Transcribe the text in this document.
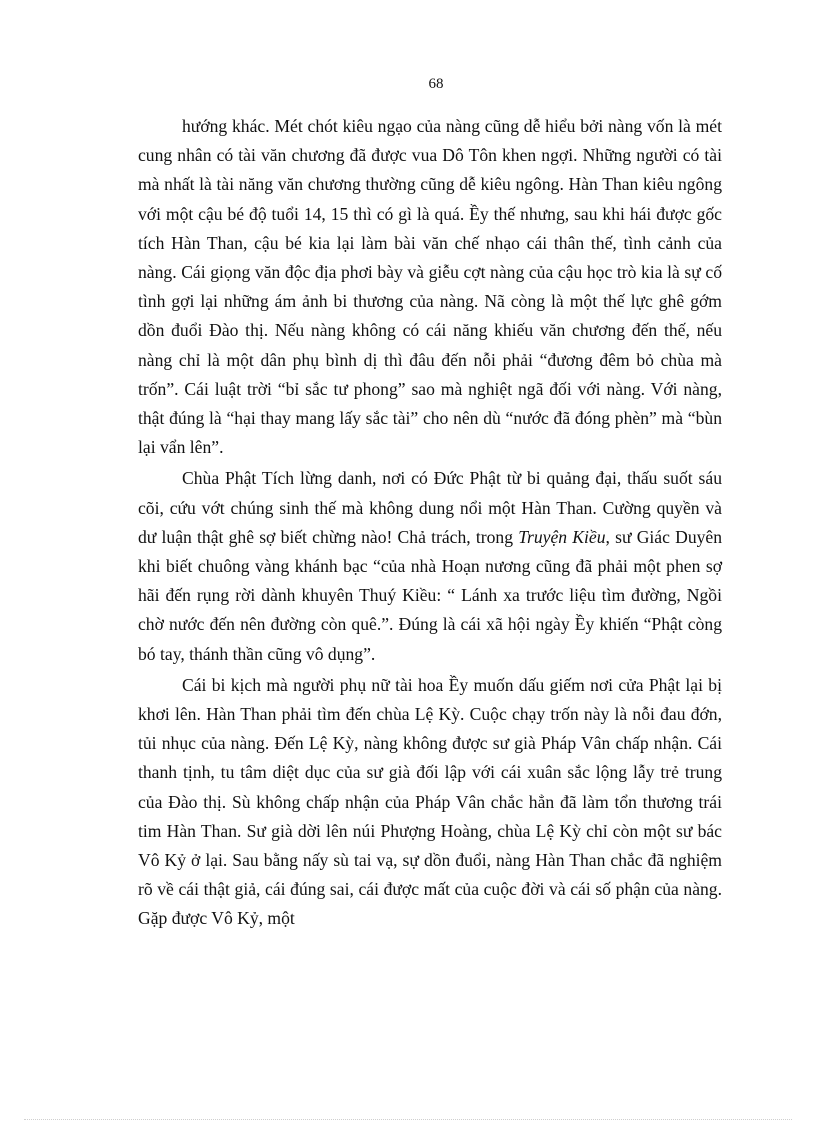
68

hướng khác. Mét chót kiêu ngạo của nàng cũng dễ hiểu bởi nàng vốn là mét cung nhân có tài văn chương đã được vua Dô Tôn khen ngợi. Những người có tài mà nhất là tài năng văn chương thường cũng dễ kiêu ngông. Hàn Than kiêu ngông với một cậu bé độ tuổi 14, 15 thì có gì là quá. Ềy thế nhưng, sau khi hái được gốc tích Hàn Than, cậu bé kia lại làm bài văn chế nhạo cái thân thế, tình cảnh của nàng. Cái giọng văn độc địa phơi bày và giễu cợt nàng của cậu học trò kia là sự cố tình gợi lại những ám ảnh bi thương của nàng. Nã còng là một thế lực ghê gớm dồn đuổi Đào thị. Nếu nàng không có cái năng khiếu văn chương đến thế, nếu nàng chỉ là một dân phụ bình dị thì đâu đến nỗi phải “đương đêm bỏ chùa mà trốn”. Cái luật trời “bỉ sắc tư phong” sao mà nghiệt ngã đối với nàng. Với nàng, thật đúng là “hại thay mang lấy sắc tài” cho nên dù “nước đã đóng phèn” mà “bùn lại vẩn lên”.

Chùa Phật Tích lừng danh, nơi có Đức Phật từ bi quảng đại, thấu suốt sáu cõi, cứu vớt chúng sinh thế mà không dung nổi một Hàn Than. Cường quyền và dư luận thật ghê sợ biết chừng nào! Chả trách, trong Truyện Kiều, sư Giác Duyên khi biết chuông vàng khánh bạc “của nhà Hoạn nương cũng đã phải một phen sợ hãi đến rụng rời dành khuyên Thuý Kiều: “ Lánh xa trước liệu tìm đường, Ngồi chờ nước đến nên đường còn quê.”. Đúng là cái xã hội ngày Ềy khiến “Phật còng bó tay, thánh thần cũng vô dụng”.

Cái bi kịch mà người phụ nữ tài hoa Ềy muốn dấu giếm nơi cửa Phật lại bị khơi lên. Hàn Than phải tìm đến chùa Lệ Kỳ. Cuộc chạy trốn này là nỗi đau đớn, tủi nhục của nàng. Đến Lệ Kỳ, nàng không được sư già Pháp Vân chấp nhận. Cái thanh tịnh, tu tâm diệt dục của sư già đối lập với cái xuân sắc lộng lẫy trẻ trung của Đào thị. Sù không chấp nhận của Pháp Vân chắc hẳn đã làm tổn thương trái tim Hàn Than. Sư già dời lên núi Phượng Hoàng, chùa Lệ Kỳ chỉ còn một sư bác Vô Kỷ ở lại. Sau bằng nấy sù tai vạ, sự dồn đuổi, nàng Hàn Than chắc đã nghiệm rõ về cái thật giả, cái đúng sai, cái được mất của cuộc đời và cái số phận của nàng. Gặp được Vô Kỷ, một
